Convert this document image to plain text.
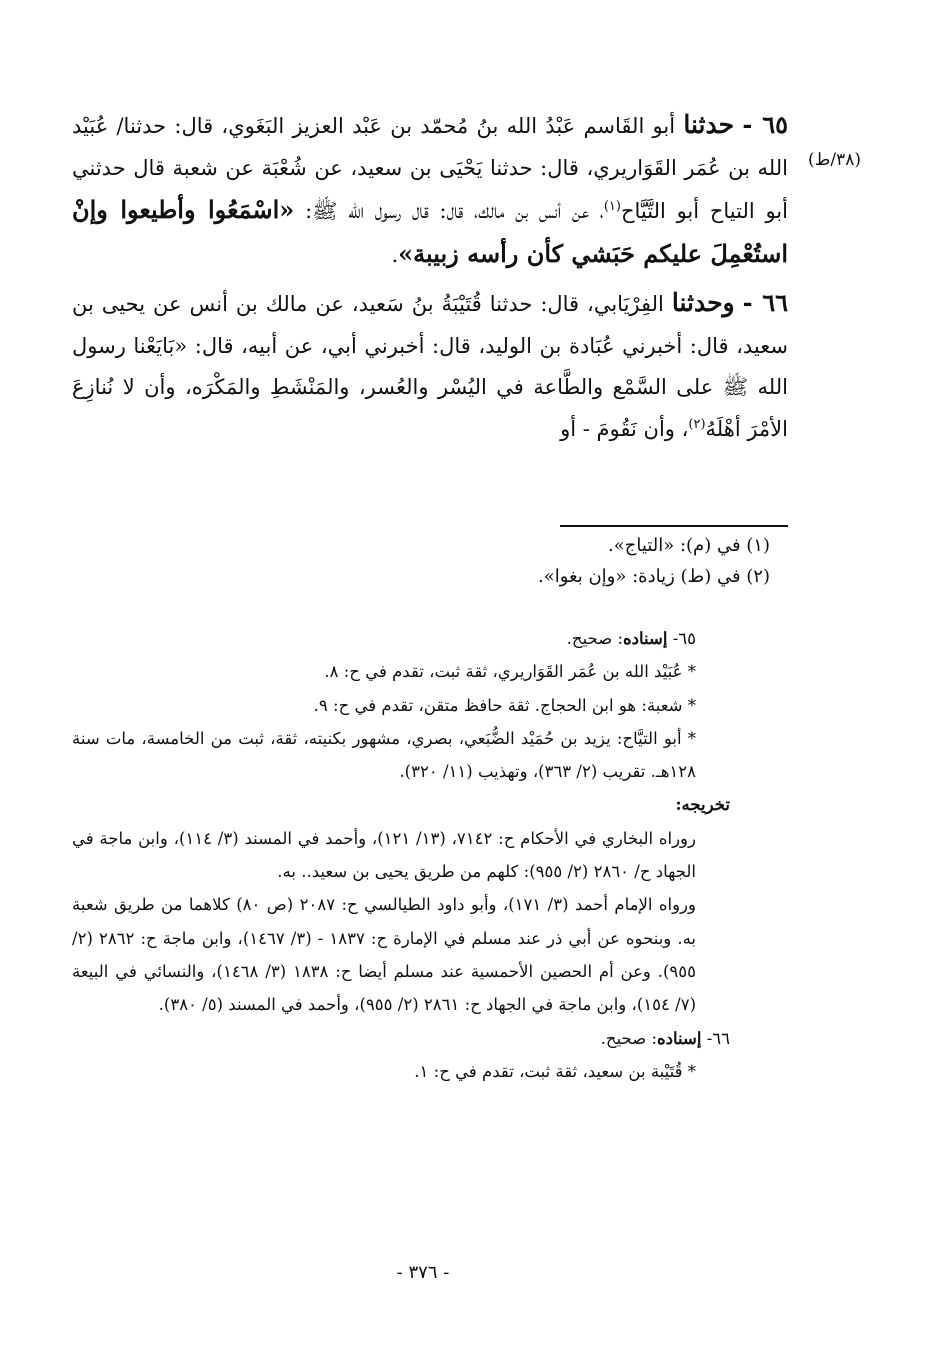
(٣٨/ط)

٦٥ - حدثنا أبو القَاسم عَبْدُ الله بنُ مُحمّد بن عَبْد العزيز البَغَوي، قال: حدثنا/ عُبَيْد الله بن عُمَر القَوَاريري، قال: حدثنا يَحْيَى بن سعيد، عن شُعْبَة عن شعبة قال حدثني أبو التياح أبو التَّيَّاح$^{(١)}$، عن أنس بن مالك، قال: قال رسول الله ﷺ: «اسْمَعُوا وأطيعوا وإنْ استُعْمِلَ عليكم حَبَشي كأن رأسه زبيبة».

٦٦ - وحدثنا الفِرْيَابي، قال: حدثنا قُتَيْبَةُ بنُ سَعيد، عن مالك بن أنس عن يحيى بن سعيد، قال: أخبرني عُبَادة بن الوليد، قال: أخبرني أبي، عن أبيه، قال: «بَايَعْنا رسول الله ﷺ على السَّمْع والطَّاعة في اليُسْر والعُسر، والمَنْشَطِ والمَكْرَه، وأن لا نُنازِعَ الأمْرَ أهْلَهُ$^{(٢)}$، وأن نَقُومَ - أو

(١) في (م): «التياج».

(٢) في (ط) زيادة: «وإن بغوا».

٦٥- إسناده: صحيح.

* عُبَيْد الله بن عُمَر القَوَاريري، ثقة ثبت، تقدم في ح: ٨.

* شعبة: هو ابن الحجاج. ثقة حافظ متقن، تقدم في ح: ٩.

* أبو التيَّاح: يزيد بن حُمَيْد الضُّبَعي، بصري، مشهور بكنيته، ثقة، ثبت من الخامسة، مات سنة ١٢٨هـ. تقريب (٢/ ٣٦٣)، وتهذيب (١١/ ٣٢٠).

تخريجه:

روراه البخاري في الأحكام ح: ٧١٤٢، (١٣/ ١٢١)، وأحمد في المسند (٣/ ١١٤)، وابن ماجة في الجهاد ح/ ٢٨٦٠ (٢/ ٩٥٥): كلهم من طريق يحيى بن سعيد.. به.

ورواه الإمام أحمد (٣/ ١٧١)، وأبو داود الطيالسي ح: ٢٠٨٧ (ص ٨٠) كلاهما من طريق شعبة به. وبنحوه عن أبي ذر عند مسلم في الإمارة ح: ١٨٣٧ - (٣/ ١٤٦٧)، وابن ماجة ح: ٢٨٦٢ (٢/ ٩٥٥). وعن أم الحصين الأحمسية عند مسلم أيضا ح: ١٨٣٨ (٣/ ١٤٦٨)، والنسائي في البيعة (٧/ ١٥٤)، وابن ماجة في الجهاد ح: ٢٨٦١ (٢/ ٩٥٥)، وأحمد في المسند (٥/ ٣٨٠).

٦٦- إسناده: صحيح.

* قُتَيْبة بن سعيد، ثقة ثبت، تقدم في ح: ١.

- ٣٧٦ -
